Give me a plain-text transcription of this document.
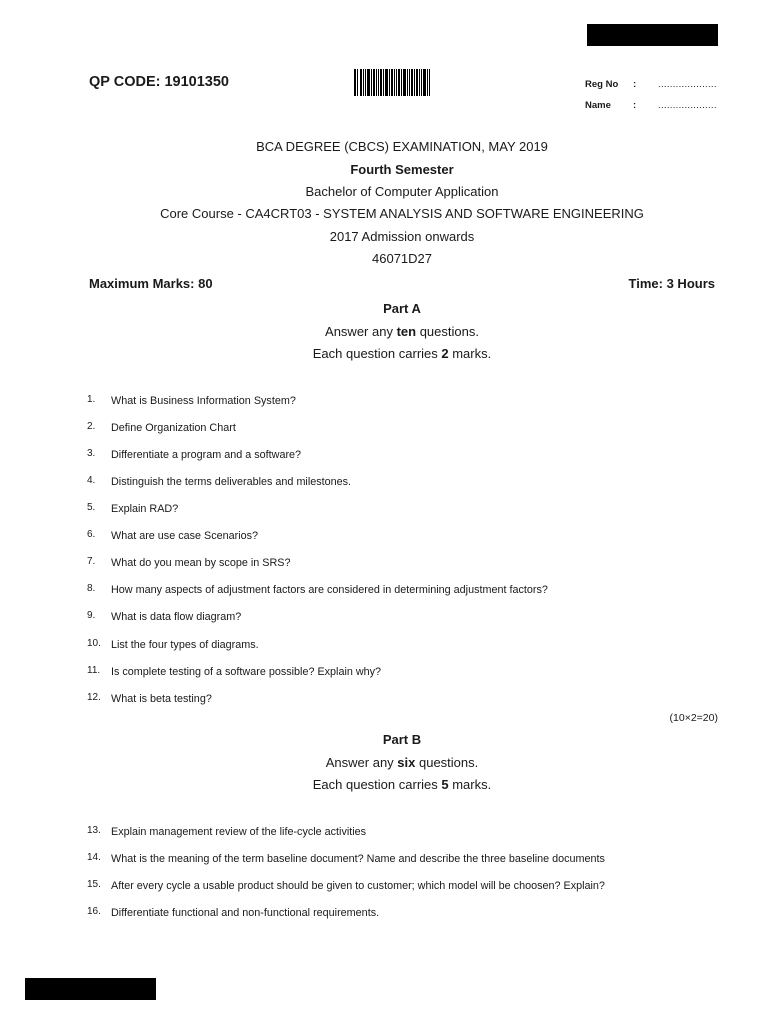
QP CODE: 19101350	Reg No : ....................
Name : ....................
BCA DEGREE (CBCS) EXAMINATION, MAY 2019
Fourth Semester
Bachelor of Computer Application
Core Course - CA4CRT03 - SYSTEM ANALYSIS AND SOFTWARE ENGINEERING
2017 Admission onwards
46071D27
Maximum Marks: 80	Time: 3 Hours
Part A
Answer any ten questions.
Each question carries 2 marks.
1. What is Business Information System?
2. Define Organization Chart
3. Differentiate a program and a software?
4. Distinguish the terms deliverables and milestones.
5. Explain RAD?
6. What are use case Scenarios?
7. What do you mean by scope in SRS?
8. How many aspects of adjustment factors are considered in determining adjustment factors?
9. What is data flow diagram?
10. List the four types of diagrams.
11. Is complete testing of a software possible? Explain why?
12. What is beta testing?
(10×2=20)
Part B
Answer any six questions.
Each question carries 5 marks.
13. Explain management review of the life-cycle activities
14. What is the meaning of the term baseline document? Name and describe the three baseline documents
15. After every cycle a usable product should be given to customer; which model will be choosen? Explain?
16. Differentiate functional and non-functional requirements.
